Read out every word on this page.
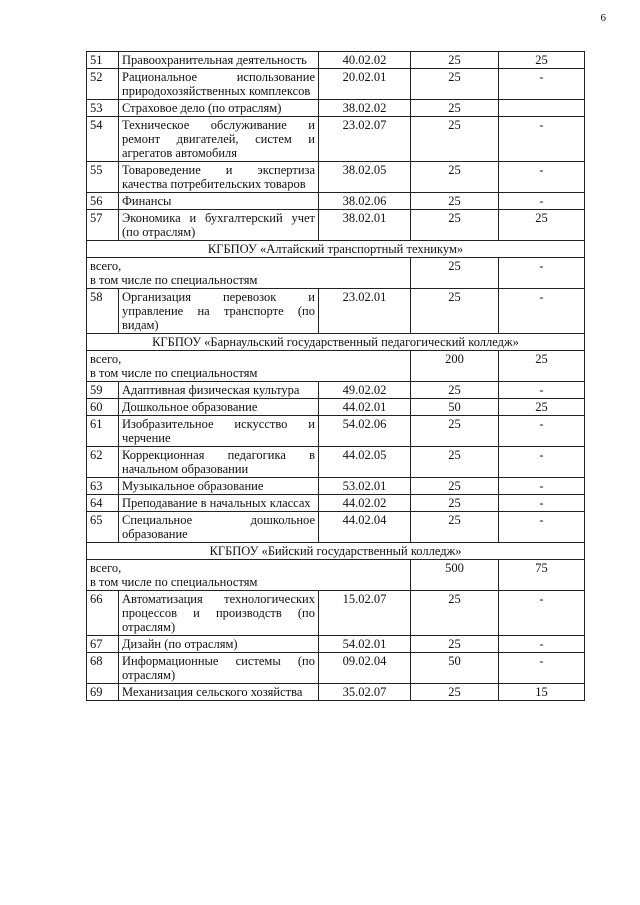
6
51	Правоохранительная деятельность	40.02.02	25	25
52	Рациональное использование природохозяйственных комплексов	20.02.01	25	-
53	Страховое дело (по отраслям)	38.02.02	25	
54	Техническое обслуживание и ремонт двигателей, систем и агрегатов автомобиля	23.02.07	25	-
55	Товароведение и экспертиза качества потребительских товаров	38.02.05	25	-
56	Финансы	38.02.06	25	-
57	Экономика и бухгалтерский учет (по отраслям)	38.02.01	25	25
КГБПОУ «Алтайский транспортный техникум»				

всего,
в том числе по специальностям			25	-
58	Организация перевозок и управление на транспорте (по видам)	23.02.01	25	-
КГБПОУ «Барнаульский государственный педагогический колледж»				

всего,
в том числе по специальностям			200	25
59	Адаптивная физическая культура	49.02.02	25	-
60	Дошкольное образование	44.02.01	50	25
61	Изобразительное искусство и черчение	54.02.06	25	-
62	Коррекционная педагогика в начальном образовании	44.02.05	25	-
63	Музыкальное образование	53.02.01	25	-
64	Преподавание в начальных классах	44.02.02	25	-
65	Специальное дошкольное образование	44.02.04	25	-
КГБПОУ «Бийский государственный колледж»				

всего,
в том числе по специальностям			500	75
66	Автоматизация технологических процессов и производств (по отраслям)	15.02.07	25	-
67	Дизайн (по отраслям)	54.02.01	25	-
68	Информационные системы (по отраслям)	09.02.04	50	-
69	Механизация сельского хозяйства	35.02.07	25	15
